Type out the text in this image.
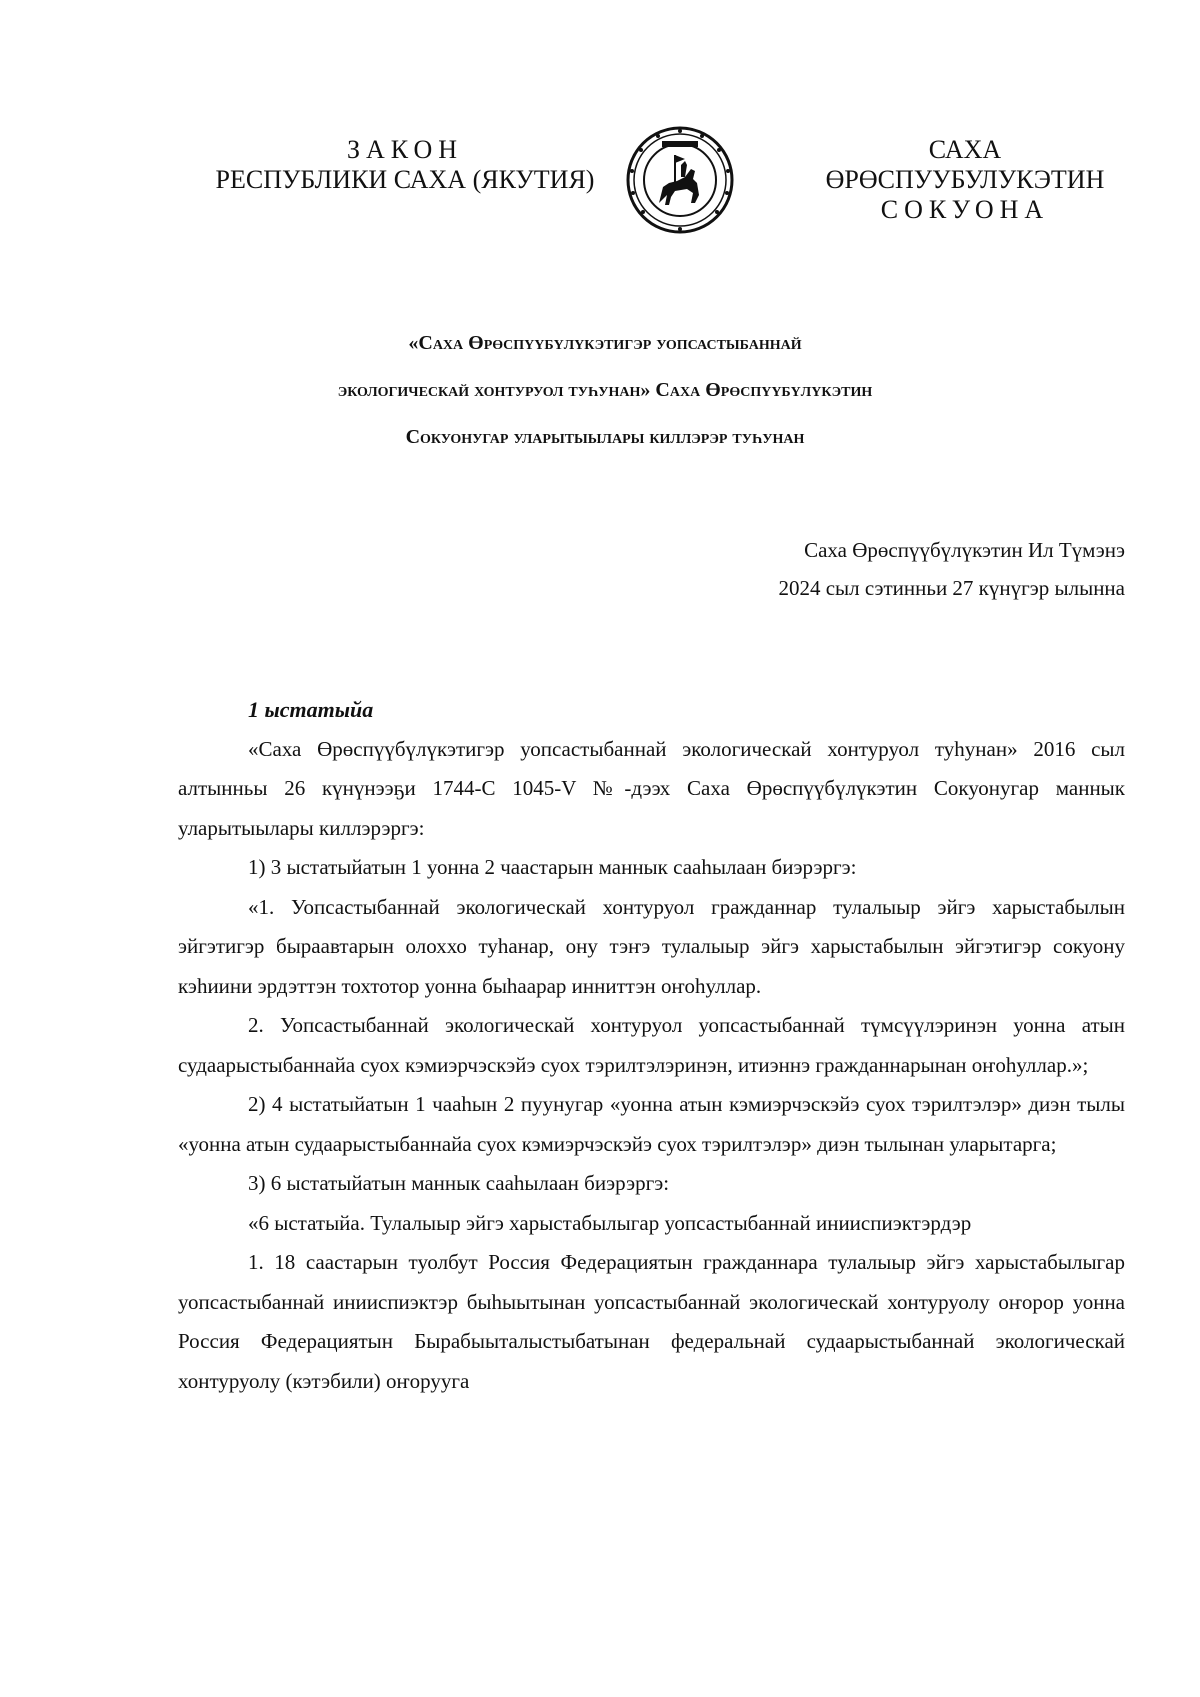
ЗАКОН
РЕСПУБЛИКИ САХА (ЯКУТИЯ)
САХА ӨРӨСПУУБУЛУКЭТИН
СОКУОНА
«Саха Өрөспүүбүлүкэтигэр уопсастыбаннай
экологическай хонтуруол туһунан» Саха Өрөспүүбүлүкэтин
Сокуонугар уларытыылары киллэрэр туһунан
Саха Өрөспүүбүлүкэтин Ил Түмэнэ
2024 сыл сэтинньи 27 күнүгэр ылынна

1 ыстатыйа

«Саха Өрөспүүбүлүкэтигэр уопсастыбаннай экологическай хонтуруол туһунан» 2016 сыл алтынньы 26 күнүнээҕи 1744-С 1045-V №-дээх Саха Өрөспүүбүлүкэтин Сокуонугар маннык уларытыылары киллэрэргэ:

1) 3 ыстатыйатын 1 уонна 2 чаастарын маннык сааһылаан биэрэргэ:

«1. Уопсастыбаннай экологическай хонтуруол гражданнар тулалыыр эйгэ харыстабылын эйгэтигэр быраавтарын олоххо туһанар, ону тэҥэ тулалыыр эйгэ харыстабылын эйгэтигэр сокуону кэһиини эрдэттэн тохтотор уонна быһаарар инниттэн оҥоһуллар.

2. Уопсастыбаннай экологическай хонтуруол уопсастыбаннай түмсүүлэринэн уонна атын судаарыстыбаннайа суох кэмиэрчэскэйэ суох тэрилтэлэринэн, итиэннэ гражданнарынан оҥоһуллар.»;

2) 4 ыстатыйатын 1 чааһын 2 пуунугар «уонна атын кэмиэрчэскэйэ суох тэрилтэлэр» диэн тылы «уонна атын судаарыстыбаннайа суох кэмиэрчэскэйэ суох тэрилтэлэр» диэн тылынан уларытарга;

3) 6 ыстатыйатын маннык сааһылаан биэрэргэ:

«6 ыстатыйа. Тулалыыр эйгэ харыстабылыгар уопсастыбаннай инииспиэктэрдэр

1. 18 саастарын туолбут Россия Федерациятын гражданнара тулалыыр эйгэ харыстабылыгар уопсастыбаннай инииспиэктэр быһыытынан уопсастыбаннай экологическай хонтуруолу оҥорор уонна Россия Федерациятын Бырабыыталыстыбатынан федеральнай судаарыстыбаннай экологическай хонтуруолу (кэтэбили) оҥорууга
